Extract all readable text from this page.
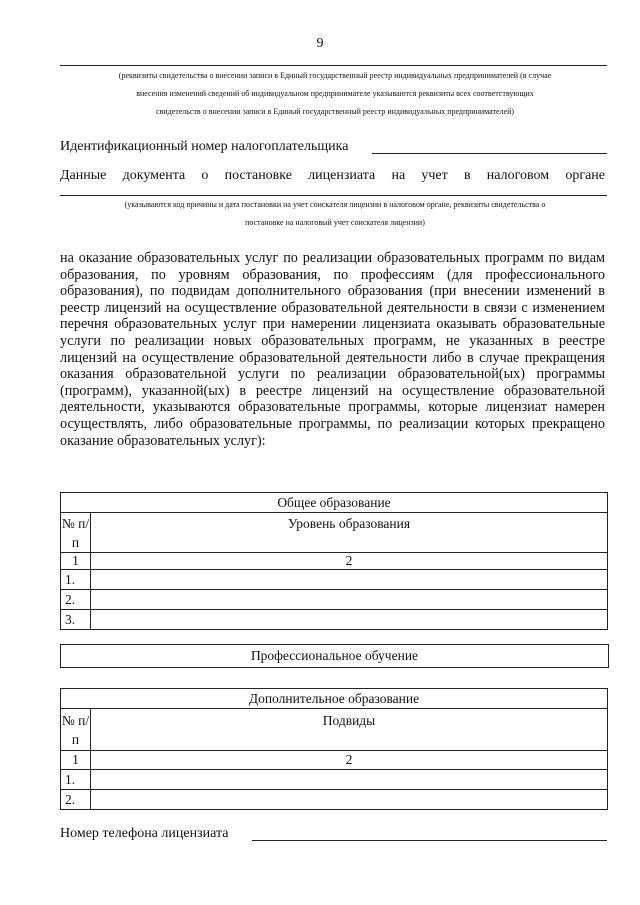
9
(реквизиты свидетельства о внесении записи в Единый государственный реестр индивидуальных предпринимателей (в случае
внесения изменений сведений об индивидуальном предпринимателе указываются реквизиты всех соответствующих
свидетельств о внесении записи в Единый государственный реестр индивидуальных предпринимателей)
Идентификационный номер налогоплательщика
Данные документа о постановке лицензиата на учет в налоговом органе
(указываются код причины и дата постановки на учет соискателя лицензии в налоговом органе, реквизиты свидетельства о
постановке на налоговый учет соискателя лицензии)

на оказание образовательных услуг по реализации образовательных программ по видам образования, по уровням образования, по профессиям (для профессионального образования), по подвидам дополнительного образования (при внесении изменений в реестр лицензий на осуществление образовательной деятельности в связи с изменением перечня образовательных услуг при намерении лицензиата оказывать образовательные услуги по реализации новых образовательных программ, не указанных в реестре лицензий на осуществление образовательной деятельности либо в случае прекращения оказания образовательной услуги по реализации образовательной(ых) программы (программ), указанной(ых) в реестре лицензий на осуществление образовательной деятельности, указываются образовательные программы, которые лицензиат намерен осуществлять, либо образовательные программы, по реализации которых прекращено оказание образовательных услуг):

Общее образование	
№ п/п	Уровень образования
1	2
1.	
2.	
3.	
Профессиональное обучение
Дополнительное образование	
№ п/п	Подвиды
1	2
1.	
2.	
Номер телефона лицензиата
